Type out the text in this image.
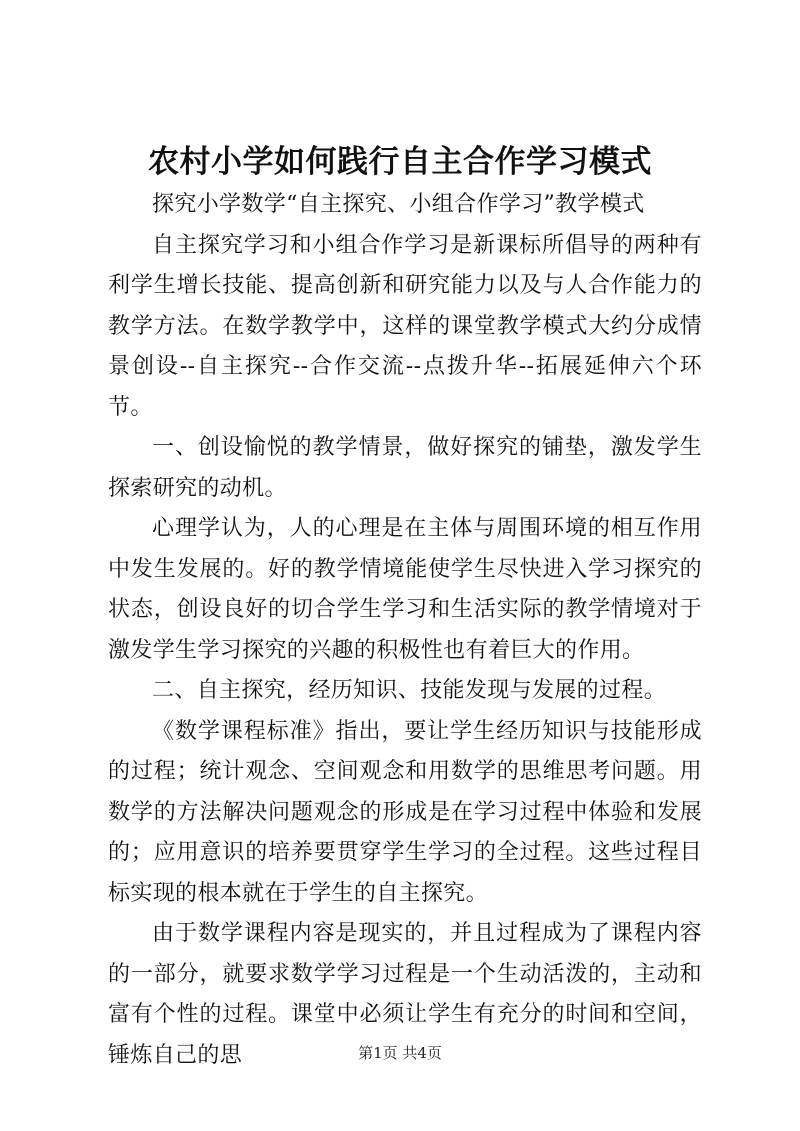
农村小学如何践行自主合作学习模式

探究小学数学“自主探究、小组合作学习”教学模式

自主探究学习和小组合作学习是新课标所倡导的两种有利学生增长技能、提高创新和研究能力以及与人合作能力的教学方法。在数学教学中，这样的课堂教学模式大约分成情景创设--自主探究--合作交流--点拨升华--拓展延伸六个环节。

一、创设愉悦的教学情景，做好探究的铺垫，激发学生探索研究的动机。

心理学认为，人的心理是在主体与周围环境的相互作用中发生发展的。好的教学情境能使学生尽快进入学习探究的状态，创设良好的切合学生学习和生活实际的教学情境对于激发学生学习探究的兴趣的积极性也有着巨大的作用。

二、自主探究，经历知识、技能发现与发展的过程。

《数学课程标准》指出，要让学生经历知识与技能形成的过程；统计观念、空间观念和用数学的思维思考问题。用数学的方法解决问题观念的形成是在学习过程中体验和发展的；应用意识的培养要贯穿学生学习的全过程。这些过程目标实现的根本就在于学生的自主探究。

由于数学课程内容是现实的，并且过程成为了课程内容的一部分，就要求数学学习过程是一个生动活泼的，主动和富有个性的过程。课堂中必须让学生有充分的时间和空间，锤炼自己的思	第1页 共4页
